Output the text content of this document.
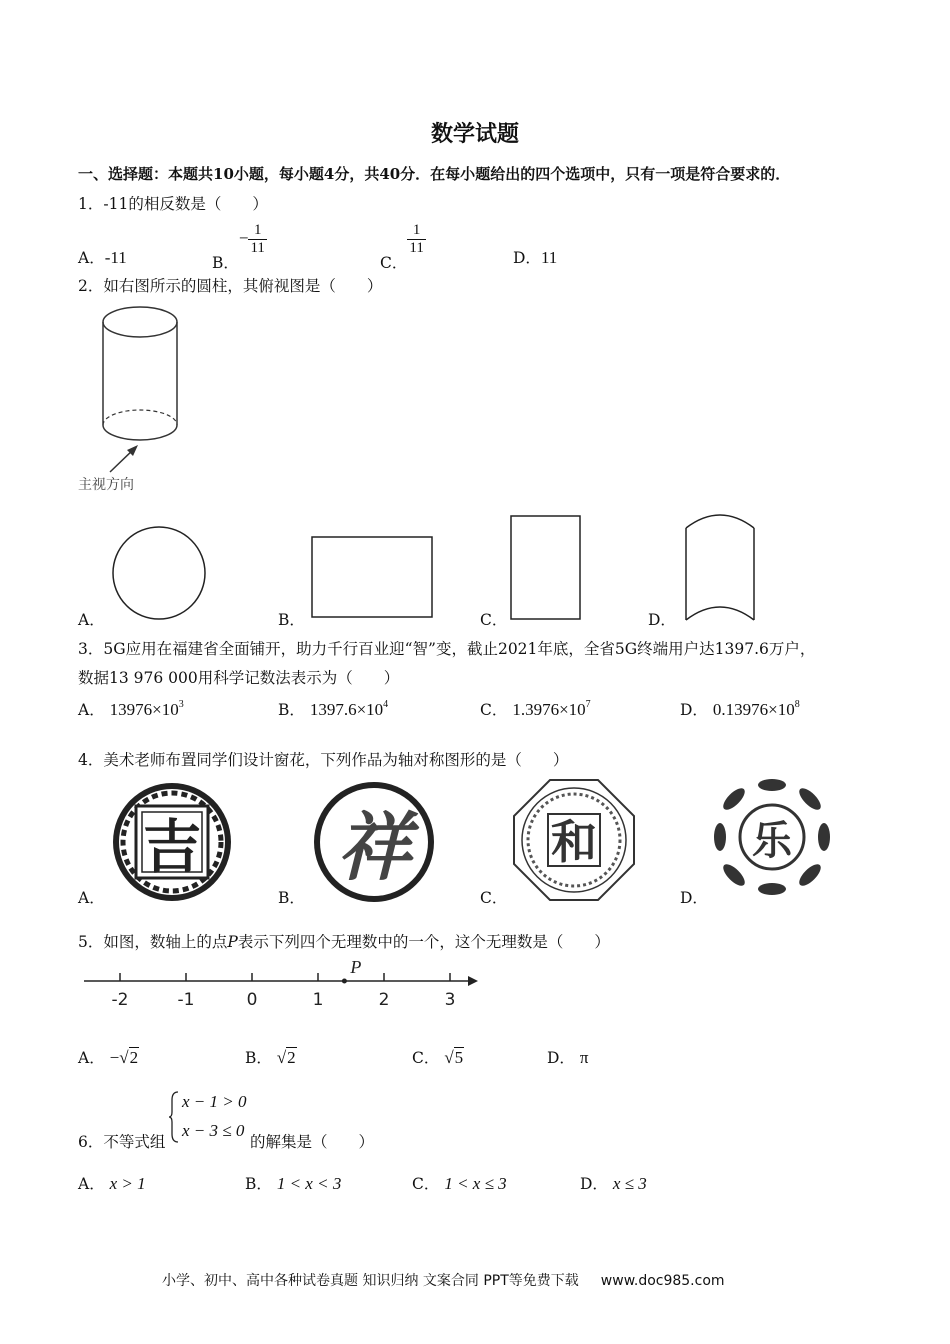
数学试题
一、选择题：本题共10小题，每小题4分，共40分．在每小题给出的四个选项中，只有一项是符合要求的．
1．-11的相反数是（　　）
A．-11	B．− $\frac{1}{11}$
C．
$\frac{1}{11}$
D．11
2．如右图所示的圆柱，其俯视图是（　　）
主视方向
A．	B．	C．	D．
3．5G应用在福建省全面铺开，助力千行百业迎“智”变，截止2021年底，全省5G终端用户达1397.6万户，
数据13 976 000用科学记数法表示为（　　）
A． $13976\times 10^3$	B． $1397.6\times 10^4$	C． $1.3976\times 10^7$	D． $0.13976\times 10^8$
4．美术老师布置同学们设计窗花，下列作品为轴对称图形的是（　　）
吉 祥	和	乐
A．	B．	C．	D．
5．如图，数轴上的点P表示下列四个无理数中的一个，这个无理数是（　　）
-2	-1	0	1	2	3
P
A． −√2	B． √2	C． √5	D． π
6．不等式组
x − 1 > 0
x − 3 ≤ 0
的解集是（　　）
A． x > 1	B． 1 < x < 3	C． 1 < x ≤ 3	D． x ≤ 3
小学、初中、高中各种试卷真题 知识归纳 文案合同 PPT等免费下载 www.doc985.com
